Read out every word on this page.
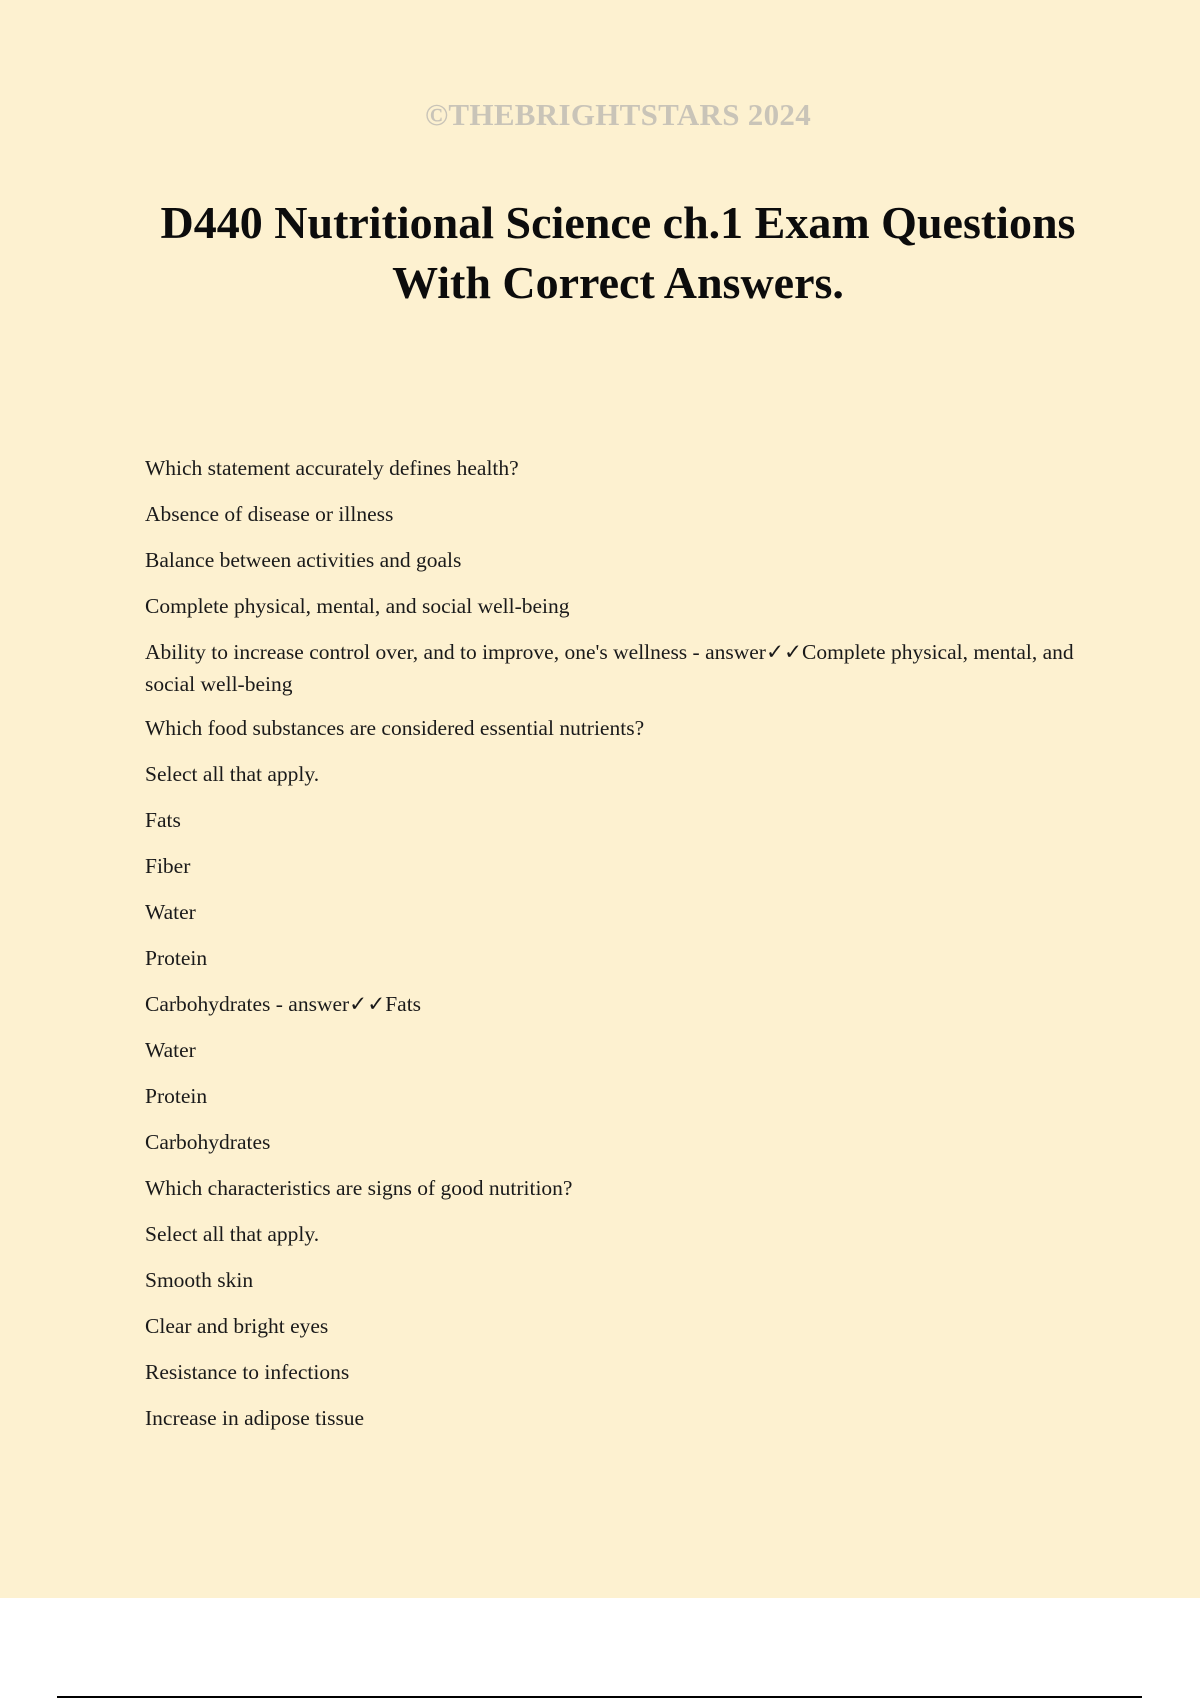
©THEBRIGHTSTARS 2024
D440 Nutritional Science ch.1 Exam Questions With Correct Answers.

Which statement accurately defines health?

Absence of disease or illness

Balance between activities and goals

Complete physical, mental, and social well-being

Ability to increase control over, and to improve, one's wellness - answer✓✓Complete physical, mental, and social well-being

Which food substances are considered essential nutrients?

Select all that apply.

Fats

Fiber

Water

Protein

Carbohydrates - answer✓✓Fats

Water

Protein

Carbohydrates

Which characteristics are signs of good nutrition?

Select all that apply.

Smooth skin

Clear and bright eyes

Resistance to infections

Increase in adipose tissue
